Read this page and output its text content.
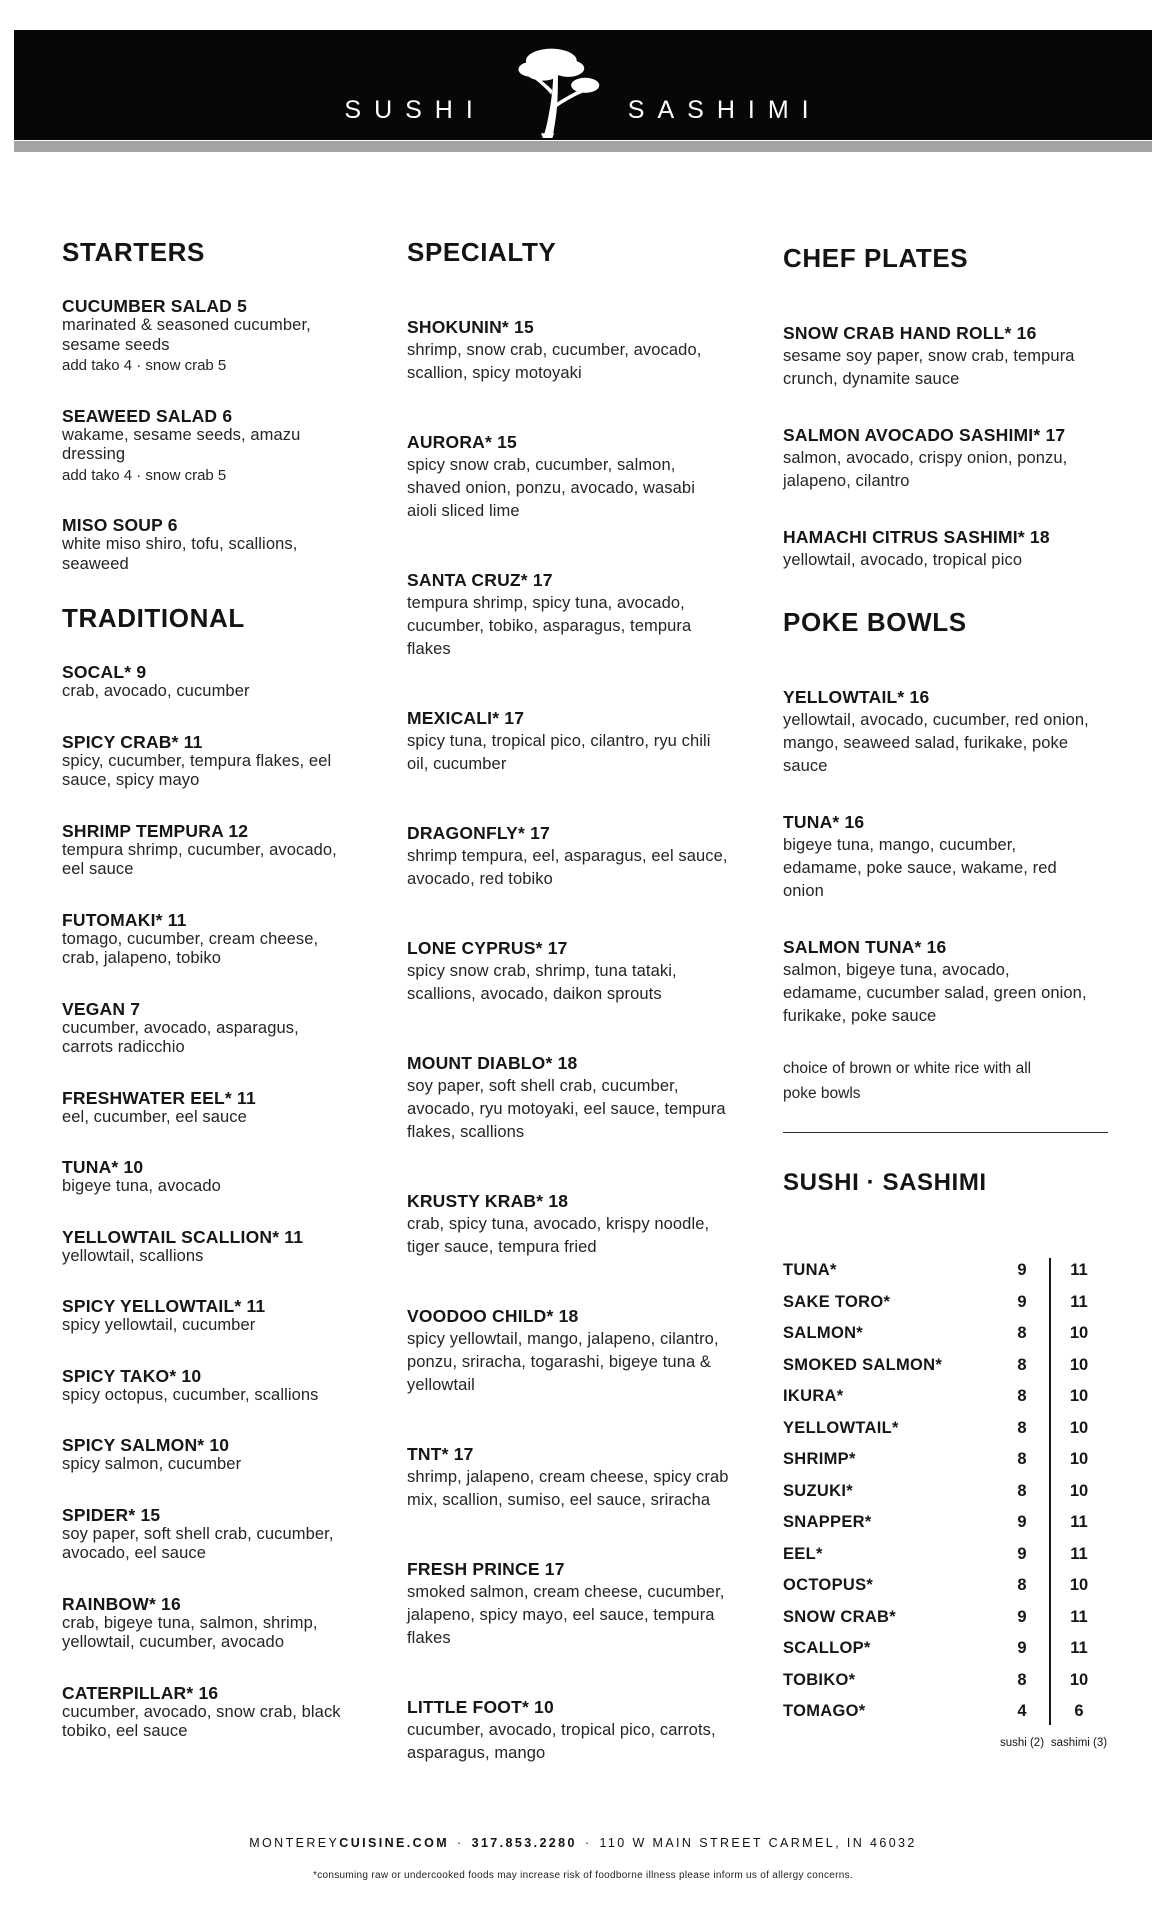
SUSHI	SASHIMI
STARTERS
CUCUMBER SALAD 5
marinated & seasoned cucumber, sesame seeds
add tako 4 · snow crab 5
SEAWEED SALAD 6
wakame, sesame seeds, amazu dressing
add tako 4 · snow crab 5
MISO SOUP 6
white miso shiro, tofu, scallions, seaweed
TRADITIONAL
SOCAL* 9
crab, avocado, cucumber
SPICY CRAB* 11
spicy, cucumber, tempura flakes, eel sauce, spicy mayo
SHRIMP TEMPURA 12
tempura shrimp, cucumber, avocado, eel sauce
FUTOMAKI* 11
tomago, cucumber, cream cheese, crab, jalapeno, tobiko
VEGAN 7
cucumber, avocado, asparagus, carrots radicchio
FRESHWATER EEL* 11
eel, cucumber, eel sauce
TUNA* 10
bigeye tuna, avocado
YELLOWTAIL SCALLION* 11
yellowtail, scallions
SPICY YELLOWTAIL* 11
spicy yellowtail, cucumber
SPICY TAKO* 10
spicy octopus, cucumber, scallions
SPICY SALMON* 10
spicy salmon, cucumber
SPIDER* 15
soy paper, soft shell crab, cucumber, avocado, eel sauce
RAINBOW* 16
crab, bigeye tuna, salmon, shrimp, yellowtail, cucumber, avocado
CATERPILLAR* 16
cucumber, avocado, snow crab, black tobiko, eel sauce
SPECIALTY
SHOKUNIN* 15
shrimp, snow crab, cucumber, avocado, scallion, spicy motoyaki
AURORA* 15
spicy snow crab, cucumber, salmon, shaved onion, ponzu, avocado, wasabi aioli sliced lime
SANTA CRUZ* 17
tempura shrimp, spicy tuna, avocado, cucumber, tobiko, asparagus, tempura flakes
MEXICALI* 17
spicy tuna, tropical pico, cilantro, ryu chili oil, cucumber
DRAGONFLY* 17
shrimp tempura, eel, asparagus, eel sauce, avocado, red tobiko
LONE CYPRUS* 17
spicy snow crab, shrimp, tuna tataki, scallions, avocado, daikon sprouts
MOUNT DIABLO* 18
soy paper, soft shell crab, cucumber, avocado, ryu motoyaki, eel sauce, tempura flakes, scallions
KRUSTY KRAB* 18
crab, spicy tuna, avocado, krispy noodle, tiger sauce, tempura fried
VOODOO CHILD* 18
spicy yellowtail, mango, jalapeno, cilantro, ponzu, sriracha, togarashi, bigeye tuna & yellowtail
TNT* 17
shrimp, jalapeno, cream cheese, spicy crab mix, scallion, sumiso, eel sauce, sriracha
FRESH PRINCE 17
smoked salmon, cream cheese, cucumber, jalapeno, spicy mayo, eel sauce, tempura flakes
LITTLE FOOT* 10
cucumber, avocado, tropical pico, carrots, asparagus, mango
CHEF PLATES
SNOW CRAB HAND ROLL* 16
sesame soy paper, snow crab, tempura crunch, dynamite sauce
SALMON AVOCADO SASHIMI* 17
salmon, avocado, crispy onion, ponzu, jalapeno, cilantro
HAMACHI CITRUS SASHIMI* 18
yellowtail, avocado, tropical pico
POKE BOWLS
YELLOWTAIL* 16
yellowtail, avocado, cucumber, red onion, mango, seaweed salad, furikake, poke sauce
TUNA* 16
bigeye tuna, mango, cucumber, edamame, poke sauce, wakame, red onion
SALMON TUNA* 16
salmon, bigeye tuna, avocado, edamame, cucumber salad, green onion, furikake, poke sauce
choice of brown or white rice with all poke bowls
SUSHI · SASHIMI
TUNA*	9	11
SAKE TORO*	9	11
SALMON*	8	10
SMOKED SALMON*	8	10
IKURA*	8	10
YELLOWTAIL*	8	10
SHRIMP*	8	10
SUZUKI*	8	10
SNAPPER*	9	11
EEL*	9	11
OCTOPUS*	8	10
SNOW CRAB*	9	11
SCALLOP*	9	11
TOBIKO*	8	10
TOMAGO*	4	6
sushi (2) sashimi (3)
MONTEREYCUISINE.COM · 317.853.2280 · 110 W MAIN STREET CARMEL, IN 46032
*consuming raw or undercooked foods may increase risk of foodborne illness please inform us of allergy concerns.
